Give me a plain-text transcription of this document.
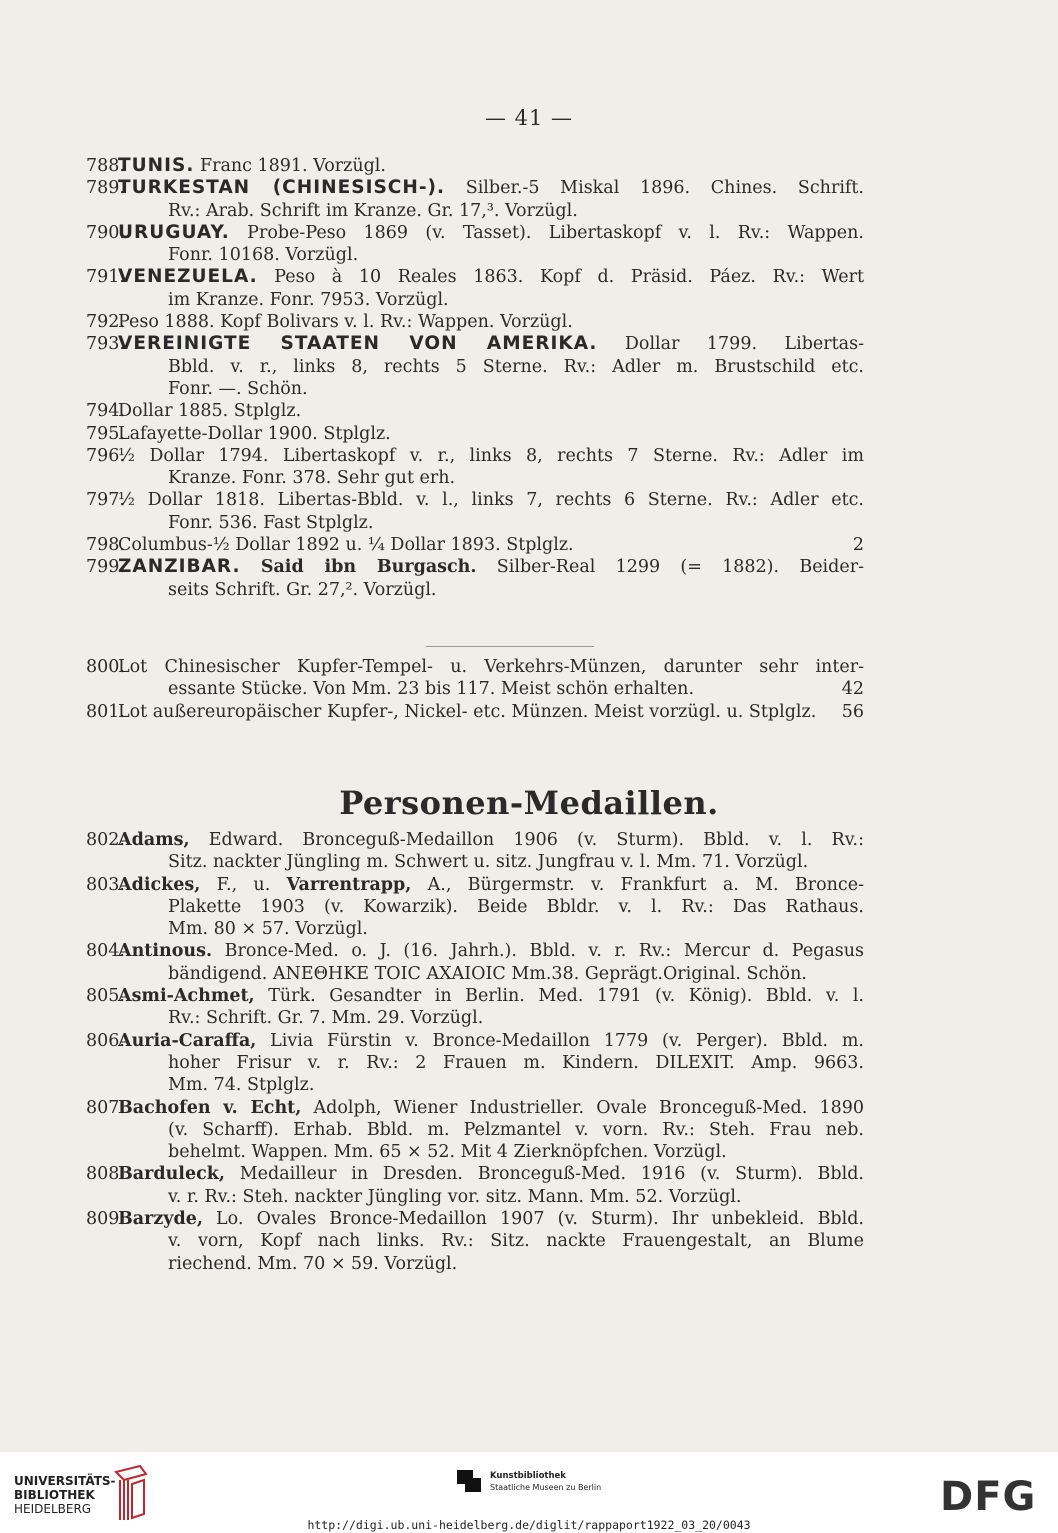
— 41 —
788.
TUNIS. Franc 1891. Vorzügl.
789.
TURKESTAN (CHINESISCH-). Silber.-5 Miskal 1896. Chines. Schrift.
Rv.: Arab. Schrift im Kranze. Gr. 17,³. Vorzügl.
790.
URUGUAY. Probe-Peso 1869 (v. Tasset). Libertaskopf v. l. Rv.: Wappen.
Fonr. 10168. Vorzügl.
791.
VENEZUELA. Peso à 10 Reales 1863. Kopf d. Präsid. Páez. Rv.: Wert
im Kranze. Fonr. 7953. Vorzügl.
792.
Peso 1888. Kopf Bolivars v. l. Rv.: Wappen. Vorzügl.
793.
VEREINIGTE STAATEN VON AMERIKA. Dollar 1799. Libertas-
Bbld. v. r., links 8, rechts 5 Sterne. Rv.: Adler m. Brustschild etc.
Fonr. —. Schön.
794.
Dollar 1885. Stplglz.
795.
Lafayette-Dollar 1900. Stplglz.
796.
½ Dollar 1794. Libertaskopf v. r., links 8, rechts 7 Sterne. Rv.: Adler im
Kranze. Fonr. 378. Sehr gut erh.
797.
½ Dollar 1818. Libertas-Bbld. v. l., links 7, rechts 6 Sterne. Rv.: Adler etc.
Fonr. 536. Fast Stplglz.
798.
Columbus-½ Dollar 1892 u. ¼ Dollar 1893. Stplglz.	2
799.
ZANZIBAR. Said ibn Burgasch. Silber-Real 1299 (= 1882). Beider-
seits Schrift. Gr. 27,². Vorzügl.
800.
Lot Chinesischer Kupfer-Tempel- u. Verkehrs-Münzen, darunter sehr inter-
essante Stücke. Von Mm. 23 bis 117. Meist schön erhalten.	42
801.
Lot außereuropäischer Kupfer-, Nickel- etc. Münzen. Meist vorzügl. u. Stplglz.	56
Personen-Medaillen.
802.
Adams, Edward. Bronceguß-Medaillon 1906 (v. Sturm). Bbld. v. l. Rv.:
Sitz. nackter Jüngling m. Schwert u. sitz. Jungfrau v. l. Mm. 71. Vorzügl.
803.
Adickes, F., u. Varrentrapp, A., Bürgermstr. v. Frankfurt a. M. Bronce-
Plakette 1903 (v. Kowarzik). Beide Bbldr. v. l. Rv.: Das Rathaus.
Mm. 80 × 57. Vorzügl.
804.
Antinous. Bronce-Med. o. J. (16. Jahrh.). Bbld. v. r. Rv.: Mercur d. Pegasus
bändigend. ΑΝΕΘΗΚΕ ΤΟΙϹ ΑΧΑΙΟΙϹ Mm.38. Geprägt.Original. Schön.
805.
Asmi-Achmet, Türk. Gesandter in Berlin. Med. 1791 (v. König). Bbld. v. l.
Rv.: Schrift. Gr. 7. Mm. 29. Vorzügl.
806.
Auria-Caraffa, Livia Fürstin v. Bronce-Medaillon 1779 (v. Perger). Bbld. m.
hoher Frisur v. r. Rv.: 2 Frauen m. Kindern. DILEXIT. Amp. 9663.
Mm. 74. Stplglz.
807.
Bachofen v. Echt, Adolph, Wiener Industrieller. Ovale Bronceguß-Med. 1890
(v. Scharff). Erhab. Bbld. m. Pelzmantel v. vorn. Rv.: Steh. Frau neb.
behelmt. Wappen. Mm. 65 × 52. Mit 4 Zierknöpfchen. Vorzügl.
808.
Barduleck, Medailleur in Dresden. Bronceguß-Med. 1916 (v. Sturm). Bbld.
v. r. Rv.: Steh. nackter Jüngling vor. sitz. Mann. Mm. 52. Vorzügl.
809.
Barzyde, Lo. Ovales Bronce-Medaillon 1907 (v. Sturm). Ihr unbekleid. Bbld.
v. vorn, Kopf nach links. Rv.: Sitz. nackte Frauengestalt, an Blume
riechend. Mm. 70 × 59. Vorzügl.
UNIVERSITÄTS-
BIBLIOTHEK
HEIDELBERG
Kunstbibliothek
Staatliche Museen zu Berlin	DFG
http://digi.ub.uni-heidelberg.de/diglit/rappaport1922_03_20/0043
